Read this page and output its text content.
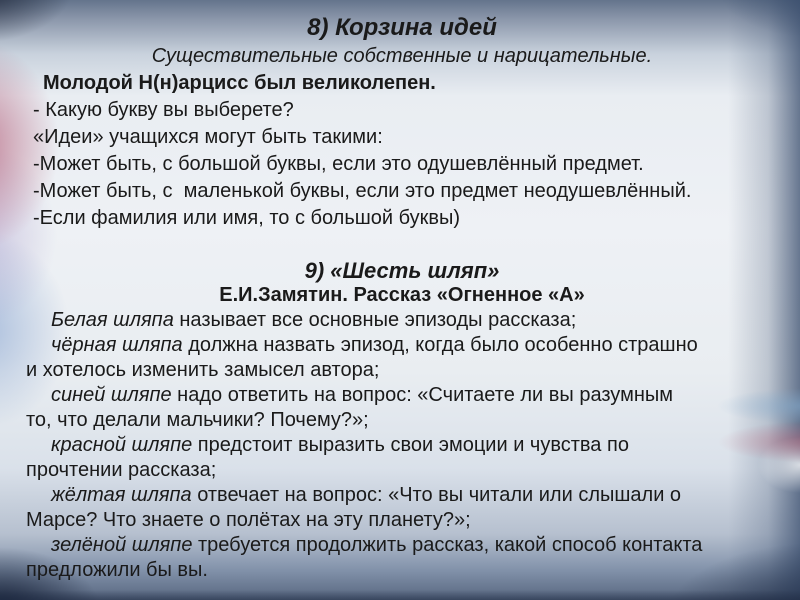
8) Корзина идей
Существительные собственные и нарицательные.
Молодой Н(н)арцисс был великолепен.
- Какую букву вы выберете?
«Идеи» учащихся могут быть такими:
-Может быть, с большой буквы, если это одушевлённый предмет.
-Может быть, с  маленькой буквы, если это предмет неодушевлённый.
-Если фамилия или имя, то с большой буквы)
9) «Шесть шляп»
Е.И.Замятин. Рассказ «Огненное «А»

Белая шляпа называет все основные эпизоды рассказа;

чёрная шляпа должна назвать эпизод, когда было особенно страшно
и хотелось изменить замысел автора;

синей шляпе надо ответить на вопрос: «Считаете ли вы разумным
то, что делали мальчики? Почему?»;

красной шляпе предстоит выразить свои эмоции и чувства по
прочтении рассказа;

жёлтая шляпа отвечает на вопрос: «Что вы читали или слышали о
Марсе? Что знаете о полётах на эту планету?»;

зелёной шляпе требуется продолжить рассказ, какой способ контакта
предложили бы вы.
